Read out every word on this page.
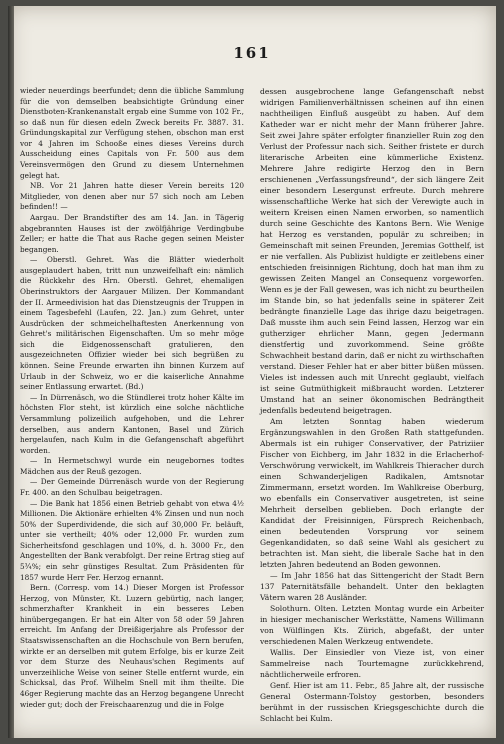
161

wieder neuerdings beerfundet; denn die übliche Sammlung für die von demselben beabsichtigte Gründung einer Dienstboten-Krankenanstalt ergab eine Summe von 102 Fr., so daß nun für diesen edeln Zweck bereits Fr. 3887. 31. Gründungskapital zur Verfügung stehen, obschon man erst vor 4 Jahren im Schooße eines dieses Vereins durch Ausscheidung eines Capitals von Fr. 500 aus dem Vereinsvermögen den Grund zu diesem Unternehmen gelegt hat.

NB. Vor 21 Jahren hatte dieser Verein bereits 120 Mitglieder, von denen aber nur 57 sich noch am Leben befinden!! —

Aargau. Der Brandstifter des am 14. Jan. in Tägerig abgebrannten Hauses ist der zwölfjährige Verdingbube Zeller; er hatte die That aus Rache gegen seinen Meister begangen.

— Oberstl. Gehret. Was die Blätter wiederholt ausgeplaudert haben, tritt nun unzweifelhaft ein: nämlich die Rückkehr des Hrn. Oberstl. Gehret, ehemaligen Oberinstruktors der Aargauer Milizen. Der Kommandant der II. Armeedivision hat das Dienstzeugnis der Truppen in einem Tagesbefehl (Laufen, 22. Jan.) zum Gehret, unter Ausdrücken der schmeichelhaftesten Anerkennung von Gehret's militärischen Eigenschaften. Um so mehr möge sich die Eidgenossenschaft gratulieren, den ausgezeichneten Offizier wieder bei sich begrüßen zu können. Seine Freunde erwarten ihn binnen Kurzem auf Urlaub in der Schweiz, wo er die kaiserliche Annahme seiner Entlassung erwartet. (Bd.)

— In Dürrenäsch, wo die Stündlerei trotz hoher Kälte im höchsten Flor steht, ist kürzlich eine solche nächtliche Versammlung polizeilich aufgehoben, und die Lehrer derselben, aus andern Kantonen, Basel und Zürich hergelaufen, nach Kulm in die Gefangenschaft abgeführt worden.

— In Hermetschwyl wurde ein neugebornes todtes Mädchen aus der Reuß gezogen.

— Der Gemeinde Dürrenäsch wurde von der Regierung Fr. 400. an den Schulbau beigetragen.

— Die Bank hat 1856 einen Betrieb gehabt von etwa 4½ Millionen. Die Aktionäre erhielten 4% Zinsen und nun noch 50% der Superdividende, die sich auf 30,000 Fr. beläuft, unter sie vertheilt; 40% oder 12,000 Fr. wurden zum Sicherheitsfond geschlagen und 10%, d. h. 3000 Fr., den Angestellten der Bank verabfolgt. Der reine Ertrag stieg auf 5¾%; ein sehr günstiges Resultat. Zum Präsidenten für 1857 wurde Herr Fer. Herzog ernannt.

Bern. (Corresp. vom 14.) Dieser Morgen ist Professor Herzog, von Münster, Kt. Luzern gebürtig, nach langer, schmerzhafter Krankheit in ein besseres Leben hinübergegangen. Er hat ein Alter von 58 oder 59 Jahren erreicht. Im Anfang der Dreißigerjahre als Professor der Staatswissenschaften an die Hochschule von Bern berufen, wirkte er an derselben mit gutem Erfolge, bis er kurze Zeit vor dem Sturze des Neuhaus'schen Regiments auf unverzeihliche Weise von seiner Stelle entfernt wurde, ein Schicksal, das Prof. Wilhelm Snell mit ihm theilte. Die 46ger Regierung machte das an Herzog begangene Unrecht wieder gut; doch der Freischaarenzug und die in Folge

dessen ausgebrochene lange Gefangenschaft nebst widrigen Familienverhältnissen scheinen auf ihn einen nachtheiligen Einfluß ausgeübt zu haben. Auf dem Katheder war er nicht mehr der Mann früherer Jahre. Seit zwei Jahre später erfolgter finanzieller Ruin zog den Verlust der Professur nach sich. Seither fristete er durch literarische Arbeiten eine kümmerliche Existenz. Mehrere Jahre redigirte Herzog den in Bern erschienenen „Verfassungsfreund“, der sich längere Zeit einer besondern Lesergunst erfreute. Durch mehrere wissenschaftliche Werke hat sich der Verewigte auch in weitern Kreisen einen Namen erworben, so namentlich durch seine Geschichte des Kantons Bern. Wie Wenige hat Herzog es verstanden, populär zu schreiben; in Gemeinschaft mit seinen Freunden, Jeremias Gotthelf, ist er nie verfallen. Als Publizist huldigte er zeitlebens einer entschieden freisinnigen Richtung, doch hat man ihm zu gewissen Zeiten Mangel an Consequenz vorgeworfen. Wenn es je der Fall gewesen, was ich nicht zu beurtheilen im Stande bin, so hat jedenfalls seine in späterer Zeit bedrängte finanzielle Lage das ihrige dazu beigetragen. Daß musste ihm auch sein Feind lassen, Herzog war ein gutherziger ehrlicher Mann, gegen Jedermann dienstfertig und zuvorkommend. Seine größte Schwachheit bestand darin, daß er nicht zu wirthschaften verstand. Dieser Fehler hat er aber bitter büßen müssen. Vieles ist indessen auch mit Unrecht geglaubt, vielfach ist seine Gutmüthigkeit mißbraucht worden. Letzterer Umstand hat an seiner ökonomischen Bedrängtheit jedenfalls bedeutend beigetragen.

Am letzten Sonntag haben wiederum Ergänzungswahlen in den Großen Rath stattgefunden. Abermals ist ein ruhiger Conservativer, der Patriziier Fischer von Eichberg, im Jahr 1832 in die Erlacherhof-Verschwörung verwickelt, im Wahlkreis Thieracher durch einen Schwanderjeligen Radikalen, Amtsnotar Zimmermann, ersetzt worden. Im Wahlkreise Oberburg, wo ebenfalls ein Conservativer ausgetreten, ist seine Mehrheit derselben geblieben. Doch erlangte der Kandidat der Freisinnigen, Fürsprech Reichenbach, einen bedeutenden Vorsprung vor seinem Gegenkandidaten, so daß seine Wahl als gesichert zu betrachten ist. Man sieht, die liberale Sache hat in den letzten Jahren bedeutend an Boden gewonnen.

— Im Jahr 1856 hat das Sittengericht der Stadt Bern 137 Paternitätsfälle behandelt. Unter den beklagten Vätern waren 28 Ausländer.

Solothurn. Olten. Letzten Montag wurde ein Arbeiter in hiesiger mechanischer Werkstätte, Namens Willimann von Wülflingen Kts. Zürich, abgefaßt, der unter verschiedenen Malen Werkzeug entwendete.

Wallis. Der Einsiedler von Vieze ist, von einer Sammelreise nach Tourtemagne zurückkehrend, nächtlicherweile erfroren.

Genf. Hier ist am 11. Febr., 85 Jahre alt, der russische General Ostermann-Tolstoy gestorben, besonders berühmt in der russischen Kriegsgeschichte durch die Schlacht bei Kulm.
